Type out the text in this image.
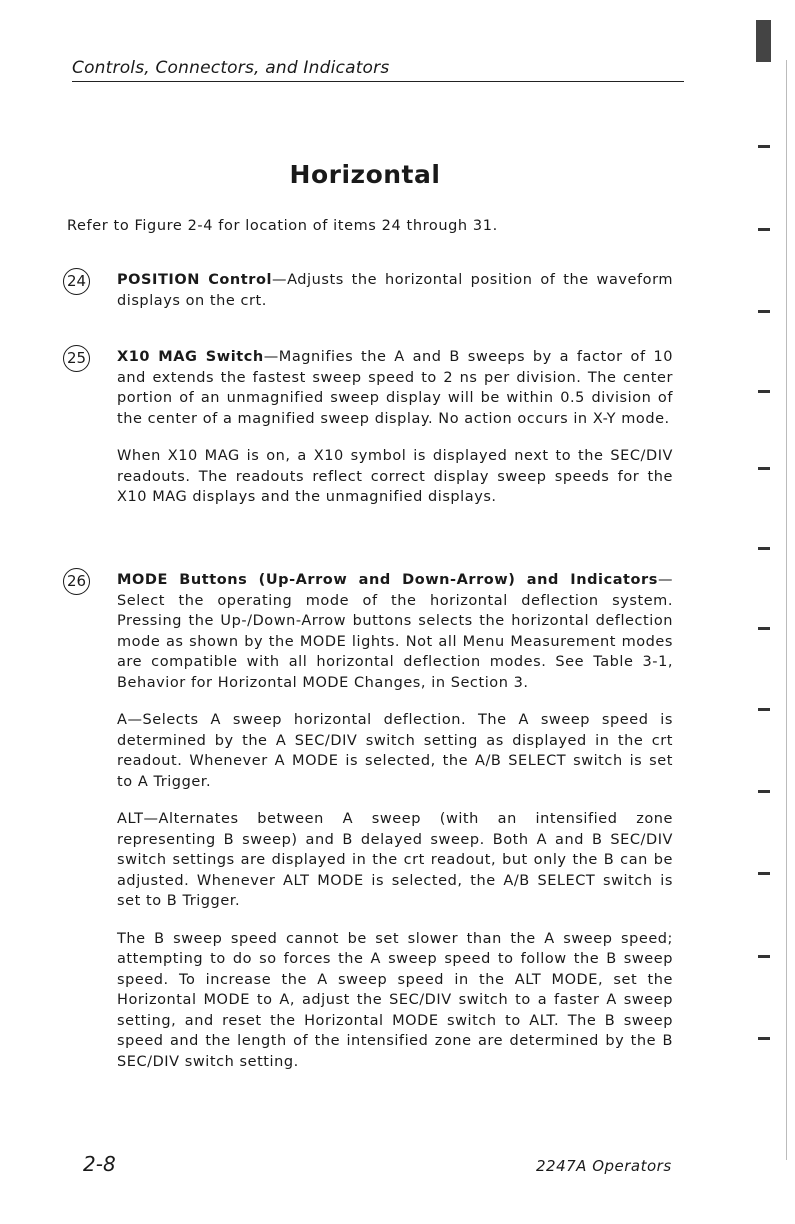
Controls, Connectors, and Indicators
Horizontal
Refer to Figure 2-4 for location of items 24 through 31.
24 POSITION Control—Adjusts the horizontal position of the waveform displays on the crt.
25 X10 MAG Switch—Magnifies the A and B sweeps by a factor of 10 and extends the fastest sweep speed to 2 ns per division. The center portion of an unmagnified sweep display will be within 0.5 division of the center of a magnified sweep display. No action occurs in X-Y mode.
When X10 MAG is on, a X10 symbol is displayed next to the SEC/DIV readouts. The readouts reflect correct display sweep speeds for the X10 MAG displays and the unmagnified displays.
26 MODE Buttons (Up-Arrow and Down-Arrow) and Indicators—Select the operating mode of the horizontal deflection system. Pressing the Up-/Down-Arrow buttons selects the horizontal deflection mode as shown by the MODE lights. Not all Menu Measurement modes are compatible with all horizontal deflection modes. See Table 3-1, Behavior for Horizontal MODE Changes, in Section 3.
A—Selects A sweep horizontal deflection. The A sweep speed is determined by the A SEC/DIV switch setting as displayed in the crt readout. Whenever A MODE is selected, the A/B SELECT switch is set to A Trigger.
ALT—Alternates between A sweep (with an intensified zone representing B sweep) and B delayed sweep. Both A and B SEC/DIV switch settings are displayed in the crt readout, but only the B can be adjusted. Whenever ALT MODE is selected, the A/B SELECT switch is set to B Trigger.
The B sweep speed cannot be set slower than the A sweep speed; attempting to do so forces the A sweep speed to follow the B sweep speed. To increase the A sweep speed in the ALT MODE, set the Horizontal MODE to A, adjust the SEC/DIV switch to a faster A sweep setting, and reset the Horizontal MODE switch to ALT. The B sweep speed and the length of the intensified zone are determined by the B SEC/DIV switch setting.
2-8	2247A Operators
